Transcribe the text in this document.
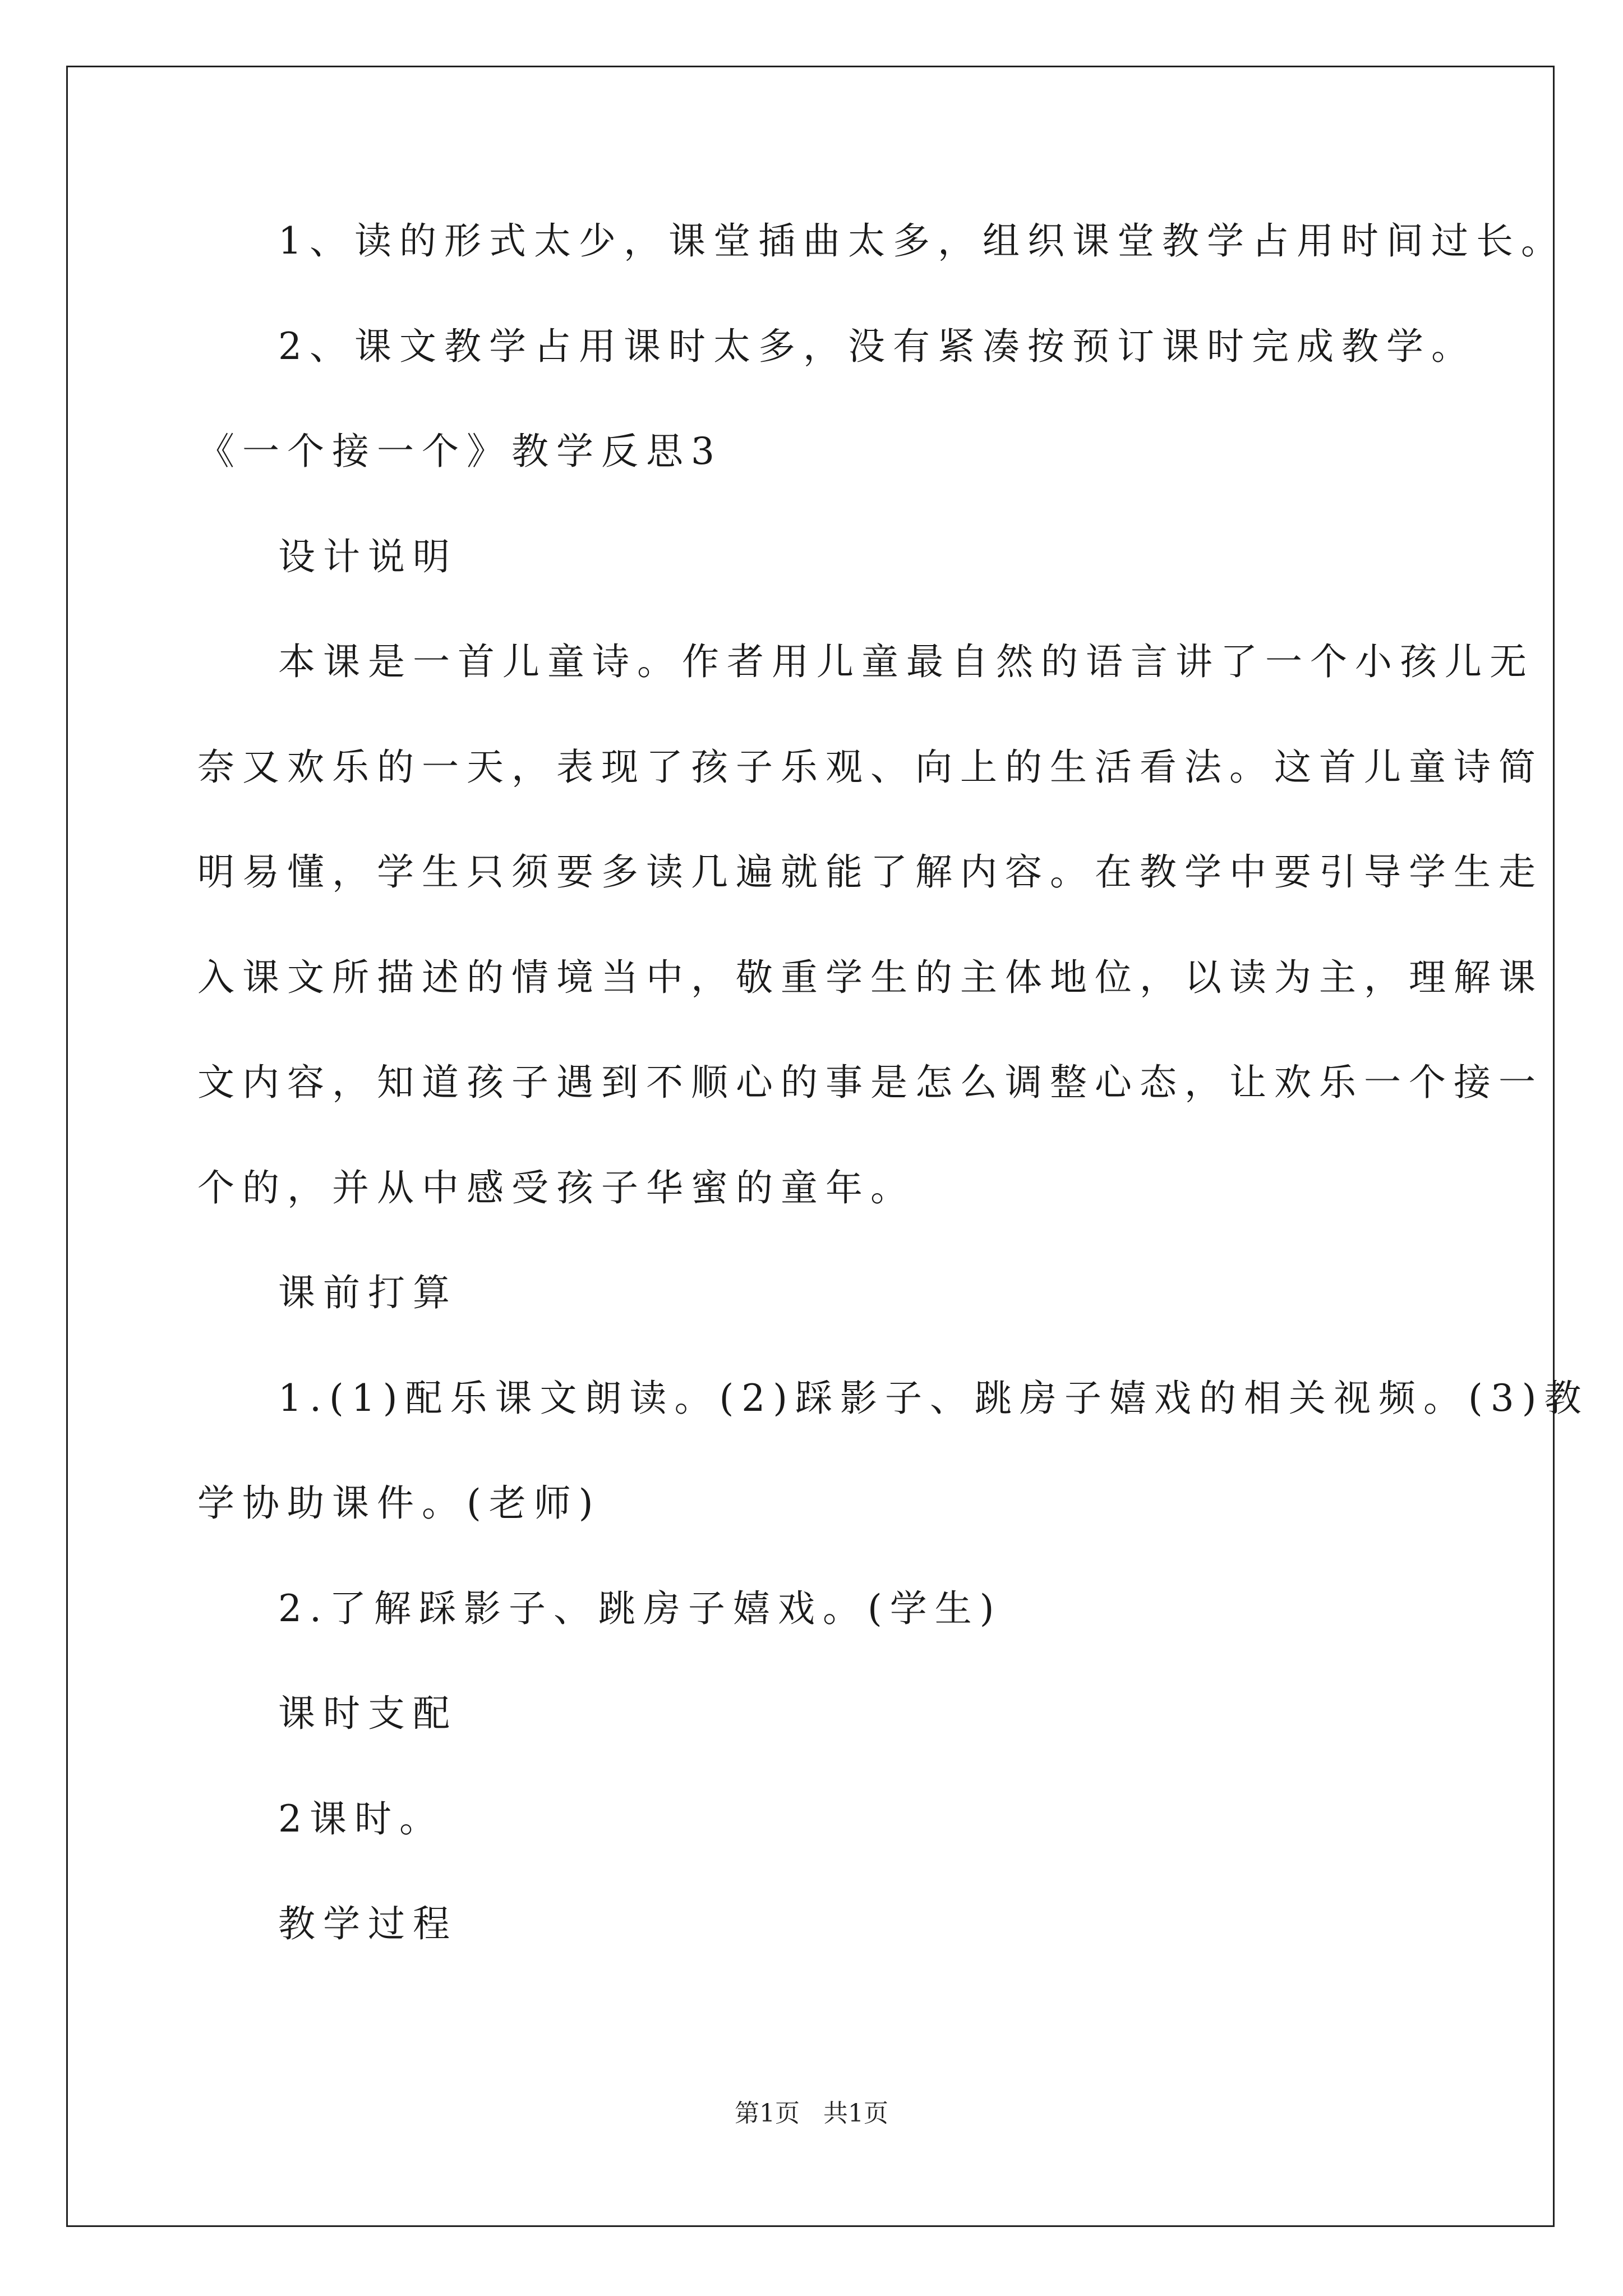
1、读的形式太少，课堂插曲太多，组织课堂教学占用时间过长。
2、课文教学占用课时太多，没有紧凑按预订课时完成教学。
《一个接一个》教学反思3
设计说明
本课是一首儿童诗。作者用儿童最自然的语言讲了一个小孩儿无
奈又欢乐的一天，表现了孩子乐观、向上的生活看法。这首儿童诗简
明易懂，学生只须要多读几遍就能了解内容。在教学中要引导学生走
入课文所描述的情境当中，敬重学生的主体地位，以读为主，理解课
文内容，知道孩子遇到不顺心的事是怎么调整心态，让欢乐一个接一
个的，并从中感受孩子华蜜的童年。
课前打算
1.(1)配乐课文朗读。(2)踩影子、跳房子嬉戏的相关视频。(3)教
学协助课件。(老师)
2.了解踩影子、跳房子嬉戏。(学生)
课时支配
2课时。
教学过程
第1页 共1页
